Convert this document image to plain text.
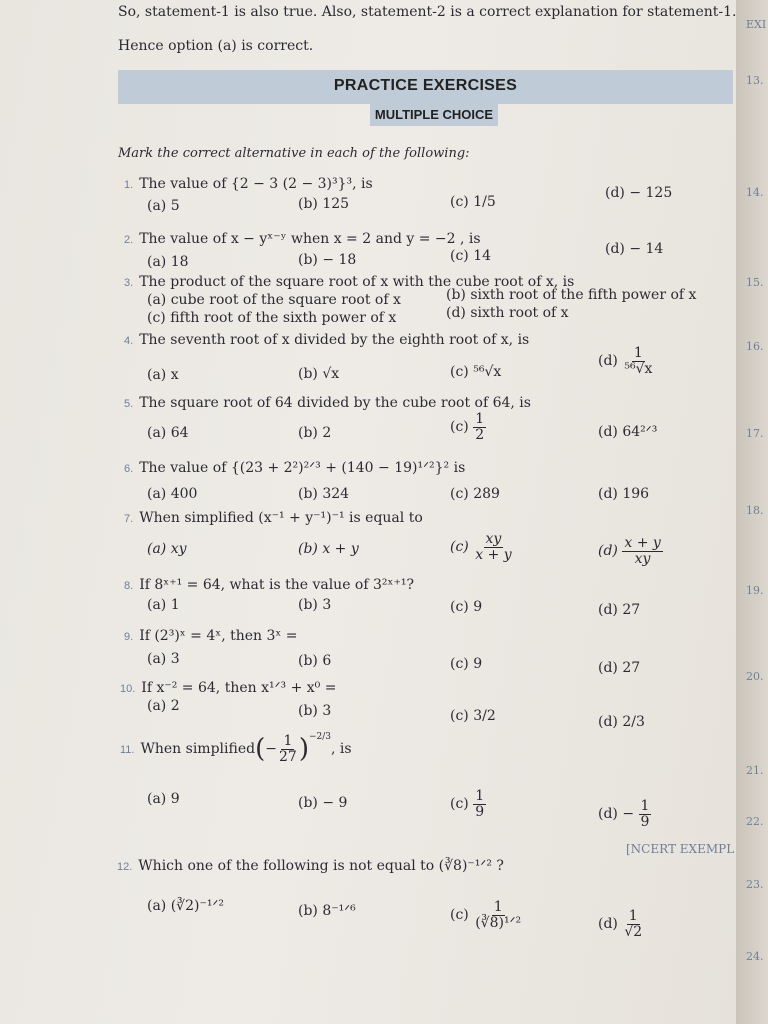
So, statement-1 is also true. Also, statement-2 is a correct explanation for statement-1.
Hence option (a) is correct.
PRACTICE EXERCISES
MULTIPLE CHOICE
Mark the correct alternative in each of the following:
1. The value of {2 − 3 (2 − 3)³}³, is
(a) 5	(b) 125	(c) 1/5
(d) − 125
2. The value of x − yˣ⁻ʸ when x = 2 and y = −2 , is
(a) 18	(b) − 18	(c) 14	(d) − 14
3. The product of the square root of x with the cube root of x, is
(a) cube root of the square root of x	(b) sixth root of the fifth power of x
(c) fifth root of the sixth power of x	(d) sixth root of x
4. The seventh root of x divided by the eighth root of x, is
(a) x	(b) √x	(c) ⁵⁶√x
$(d) \frac{1}{\text{⁵⁶√x}}$
5. The square root of 64 divided by the cube root of 64, is
(a) 64	(b) 2	$(c) \frac{1}{2}$	(d) 64²ᐟ³
6. The value of {(23 + 2²)²ᐟ³ + (140 − 19)¹ᐟ²}² is
(a) 400	(b) 324	(c) 289	(d) 196
7. When simplified (x⁻¹ + y⁻¹)⁻¹ is equal to
(a) xy	(b) x + y	$(c) \frac{xy}{x + y}$	$(d) \frac{x + y}{xy}$
8. If 8ˣ⁺¹ = 64, what is the value of 3²ˣ⁺¹?
(a) 1	(b) 3	(c) 9	(d) 27
9. If (2³)ˣ = 4ˣ, then 3ˣ =
(a) 3	(b) 6	(c) 9	(d) 27
10. If x⁻² = 64, then x¹ᐟ³ + x⁰ =
(a) 2	(b) 3	(c) 3/2	(d) 2/3
11. When simplified(− $\frac{1}{27} )^{-2/3}$, is
(a) 9	(b) − 9	$(c) \frac{1}{9}$	$(d) - \frac{1}{9}$
[NCERT EXEMPL
12. Which one of the following is not equal to (∛8)⁻¹ᐟ² ?
(a) (∛2)⁻¹ᐟ²	(b) 8⁻¹ᐟ⁶	$(c) \frac{1}{\text{(∛8)¹ᐟ²}}$	$(d) \frac{1}{√2}$
EXI
13.
14.
15.
16.
17.
18.
19.
20.
21.
22.
23.
24.
